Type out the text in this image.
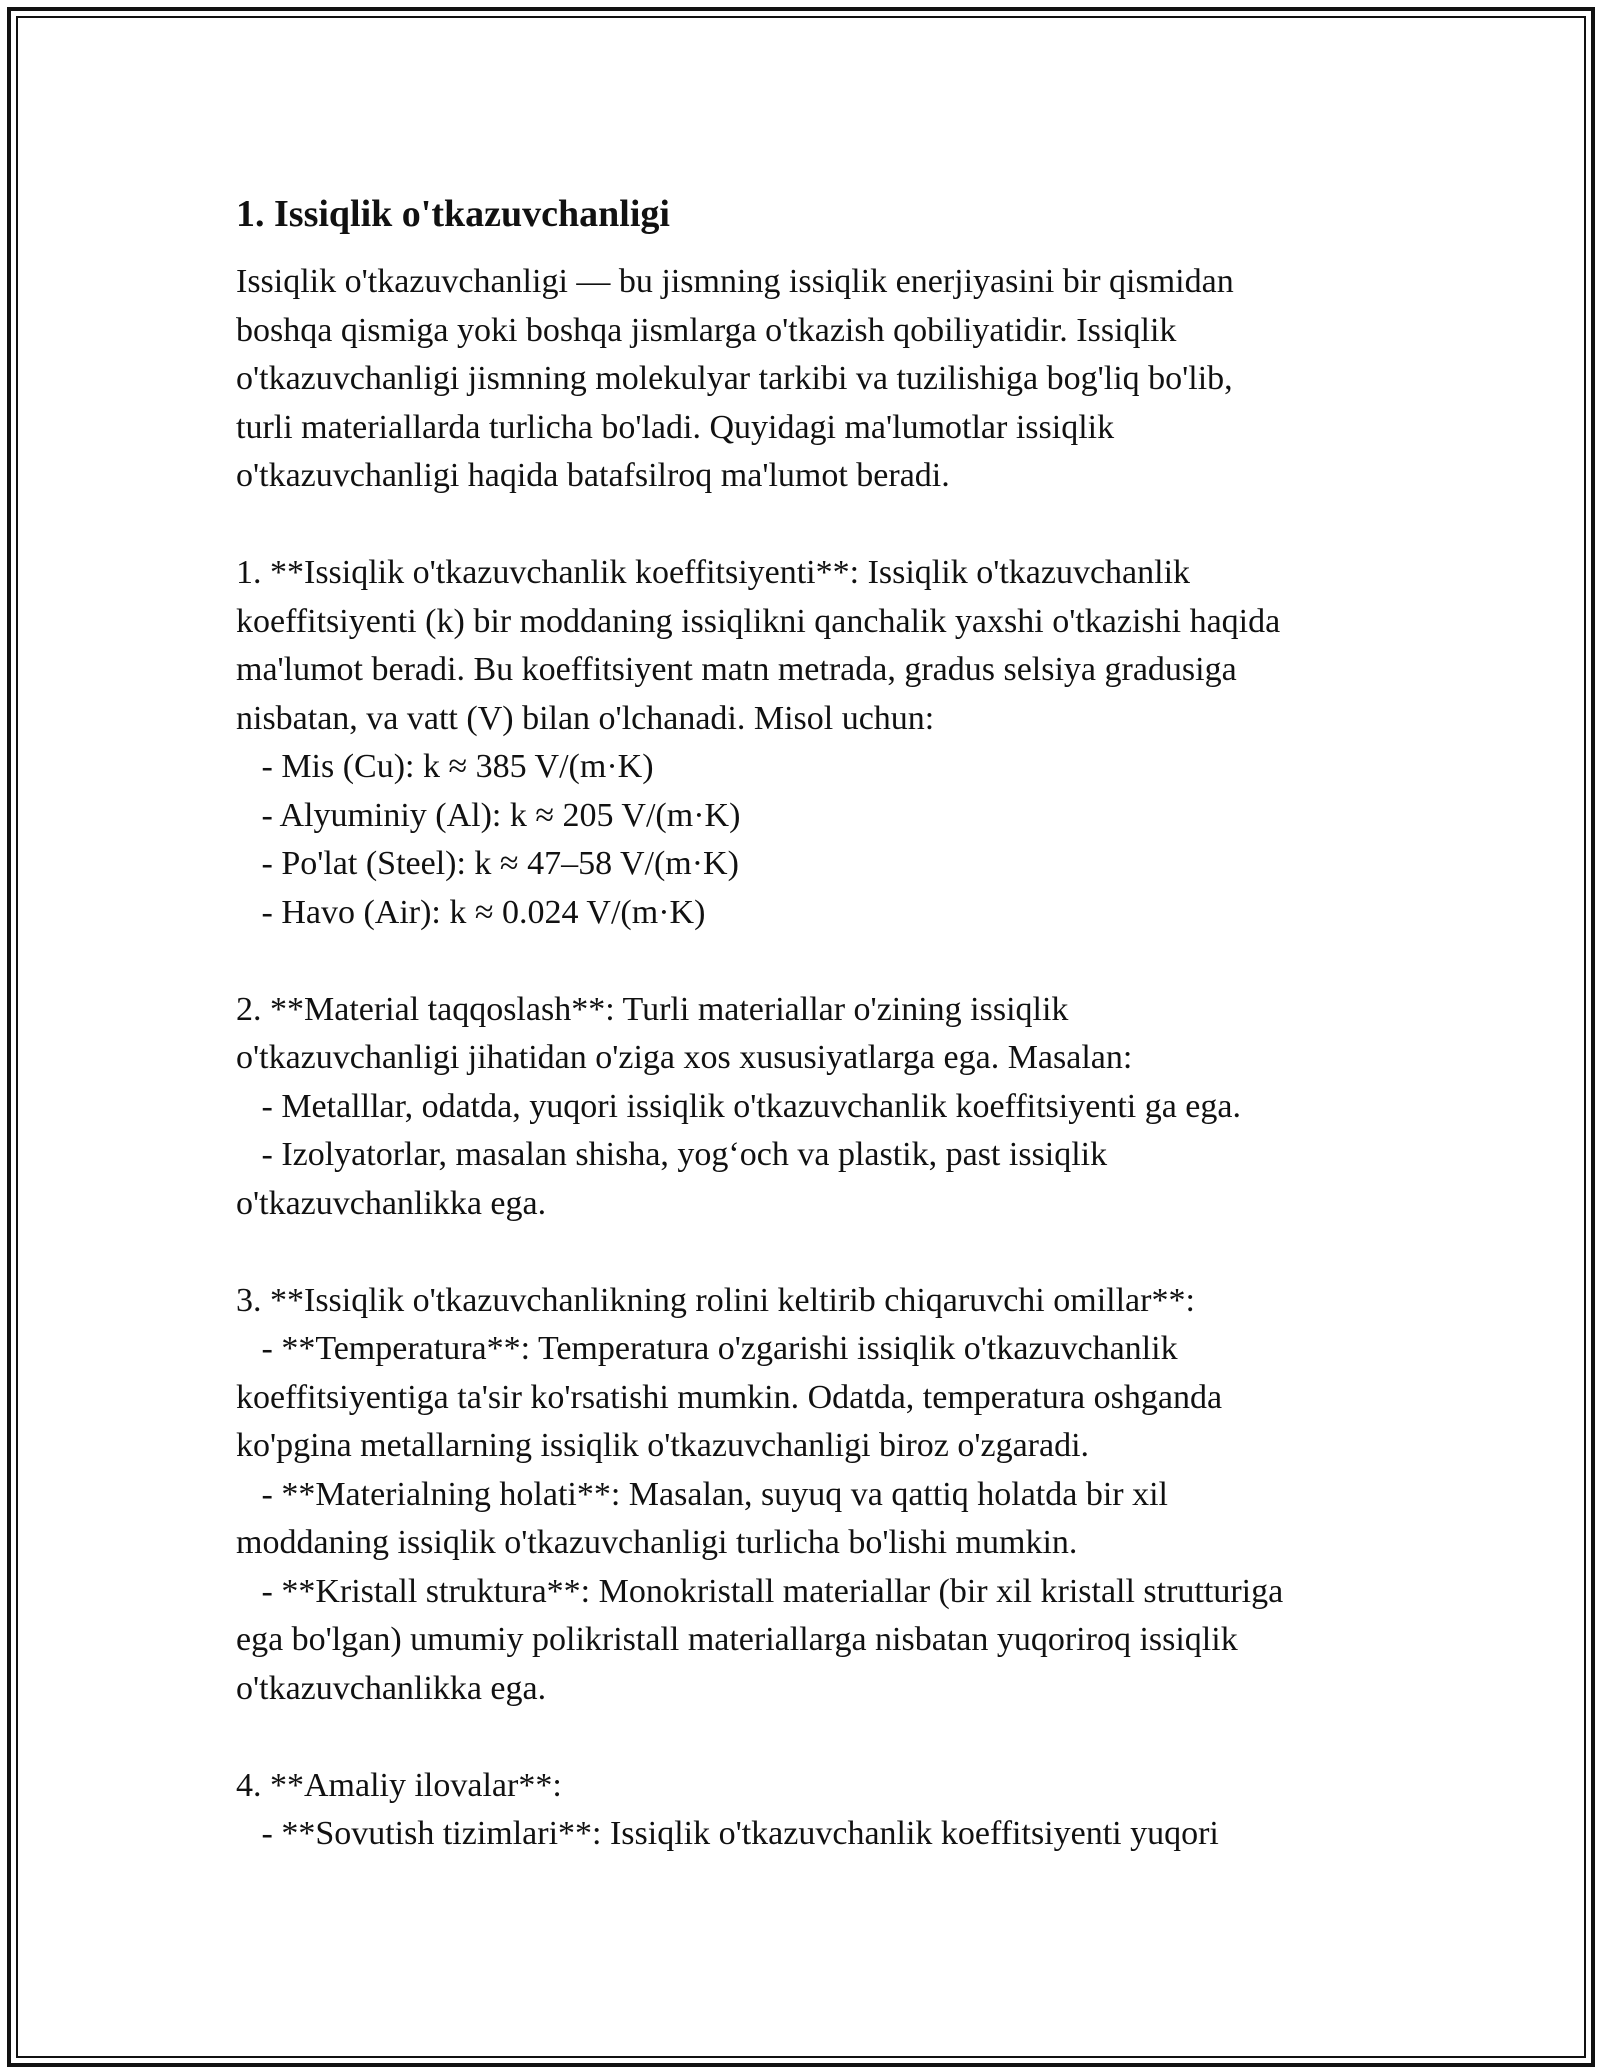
1. Issiqlik o'tkazuvchanligi
Issiqlik o'tkazuvchanligi — bu jismning issiqlik enerjiyasini bir qismidan
boshqa qismiga yoki boshqa jismlarga o'tkazish qobiliyatidir. Issiqlik
o'tkazuvchanligi jismning molekulyar tarkibi va tuzilishiga bog'liq bo'lib,
turli materiallarda turlicha bo'ladi. Quyidagi ma'lumotlar issiqlik
o'tkazuvchanligi haqida batafsilroq ma'lumot beradi.
1. **Issiqlik o'tkazuvchanlik koeffitsiyenti**: Issiqlik o'tkazuvchanlik
koeffitsiyenti (k) bir moddaning issiqlikni qanchalik yaxshi o'tkazishi haqida
ma'lumot beradi. Bu koeffitsiyent matn metrada, gradus selsiya gradusiga
nisbatan, va vatt (V) bilan o'lchanadi. Misol uchun:
- Mis (Cu): k ≈ 385 V/(m·K)
- Alyuminiy (Al): k ≈ 205 V/(m·K)
- Po'lat (Steel): k ≈ 47–58 V/(m·K)
- Havo (Air): k ≈ 0.024 V/(m·K)
2. **Material taqqoslash**: Turli materiallar o'zining issiqlik
o'tkazuvchanligi jihatidan o'ziga xos xususiyatlarga ega. Masalan:
- Metalllar, odatda, yuqori issiqlik o'tkazuvchanlik koeffitsiyenti ga ega.
- Izolyatorlar, masalan shisha, yog‘och va plastik, past issiqlik
o'tkazuvchanlikka ega.
3. **Issiqlik o'tkazuvchanlikning rolini keltirib chiqaruvchi omillar**:
- **Temperatura**: Temperatura o'zgarishi issiqlik o'tkazuvchanlik
koeffitsiyentiga ta'sir ko'rsatishi mumkin. Odatda, temperatura oshganda
ko'pgina metallarning issiqlik o'tkazuvchanligi biroz o'zgaradi.
- **Materialning holati**: Masalan, suyuq va qattiq holatda bir xil
moddaning issiqlik o'tkazuvchanligi turlicha bo'lishi mumkin.
- **Kristall struktura**: Monokristall materiallar (bir xil kristall strutturiga
ega bo'lgan) umumiy polikristall materiallarga nisbatan yuqoriroq issiqlik
o'tkazuvchanlikka ega.
4. **Amaliy ilovalar**:
- **Sovutish tizimlari**: Issiqlik o'tkazuvchanlik koeffitsiyenti yuqori
